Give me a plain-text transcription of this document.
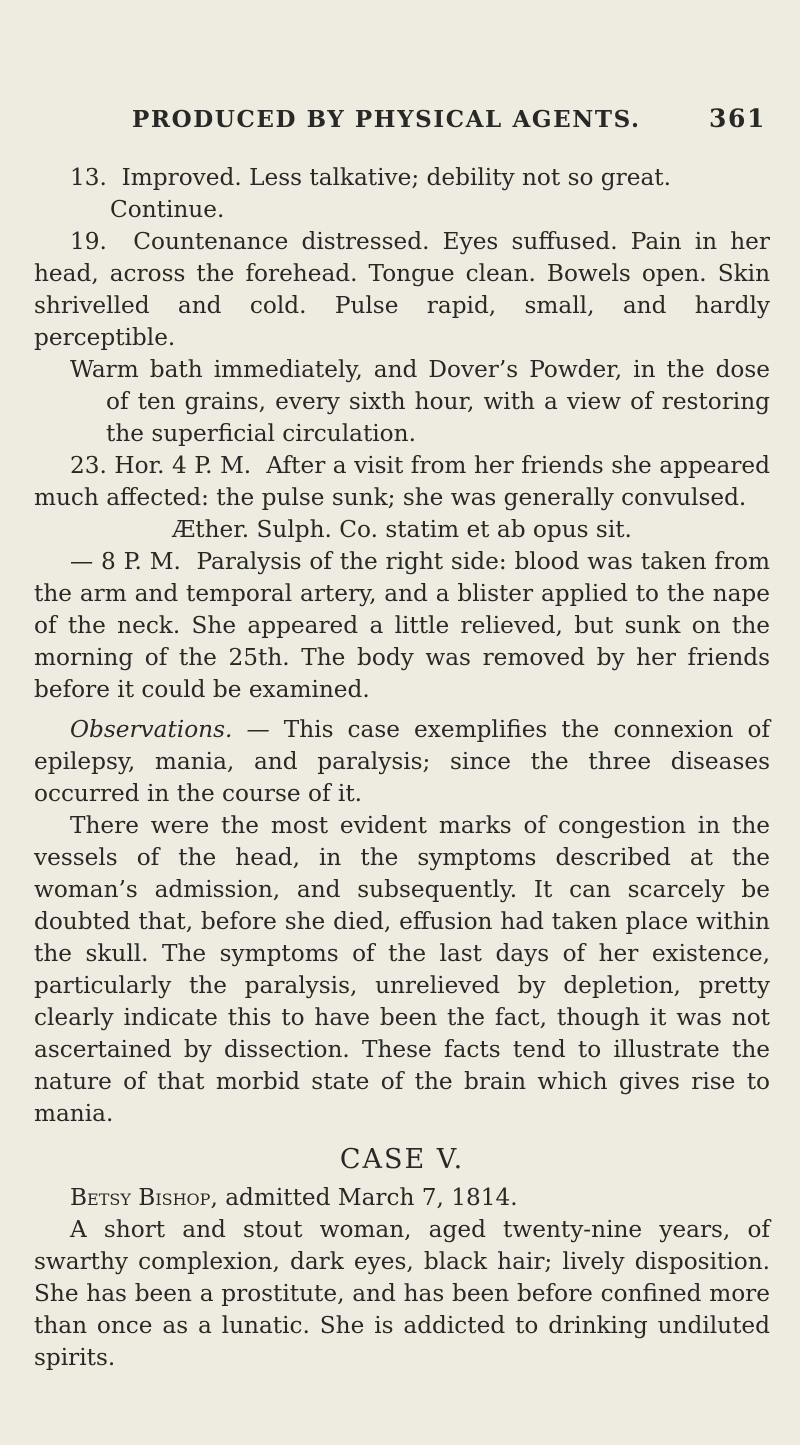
PRODUCED BY PHYSICAL AGENTS.	361

13. Improved. Less talkative; debility not so great.

Continue.

19. Countenance distressed. Eyes suffused. Pain in her head, across the forehead. Tongue clean. Bowels open. Skin shrivelled and cold. Pulse rapid, small, and hardly perceptible.

Warm bath immediately, and Dover’s Powder, in the dose of ten grains, every sixth hour, with a view of restoring the superficial circulation.

23. Hor. 4 P. M. After a visit from her friends she appeared much affected: the pulse sunk; she was generally convulsed.

Æther. Sulph. Co. statim et ab opus sit.

— 8 P. M. Paralysis of the right side: blood was taken from the arm and temporal artery, and a blister applied to the nape of the neck. She appeared a little relieved, but sunk on the morning of the 25th. The body was removed by her friends before it could be examined.

Observations. — This case exemplifies the connexion of epilepsy, mania, and paralysis; since the three diseases occurred in the course of it.

There were the most evident marks of congestion in the vessels of the head, in the symptoms described at the woman’s admission, and subsequently. It can scarcely be doubted that, before she died, effusion had taken place within the skull. The symptoms of the last days of her existence, particularly the paralysis, unrelieved by depletion, pretty clearly indicate this to have been the fact, though it was not ascertained by dissection. These facts tend to illustrate the nature of that morbid state of the brain which gives rise to mania.

CASE V.

Betsy Bishop, admitted March 7, 1814.

A short and stout woman, aged twenty-nine years, of swarthy complexion, dark eyes, black hair; lively disposition. She has been a prostitute, and has been before confined more than once as a lunatic. She is addicted to drinking undiluted spirits.
